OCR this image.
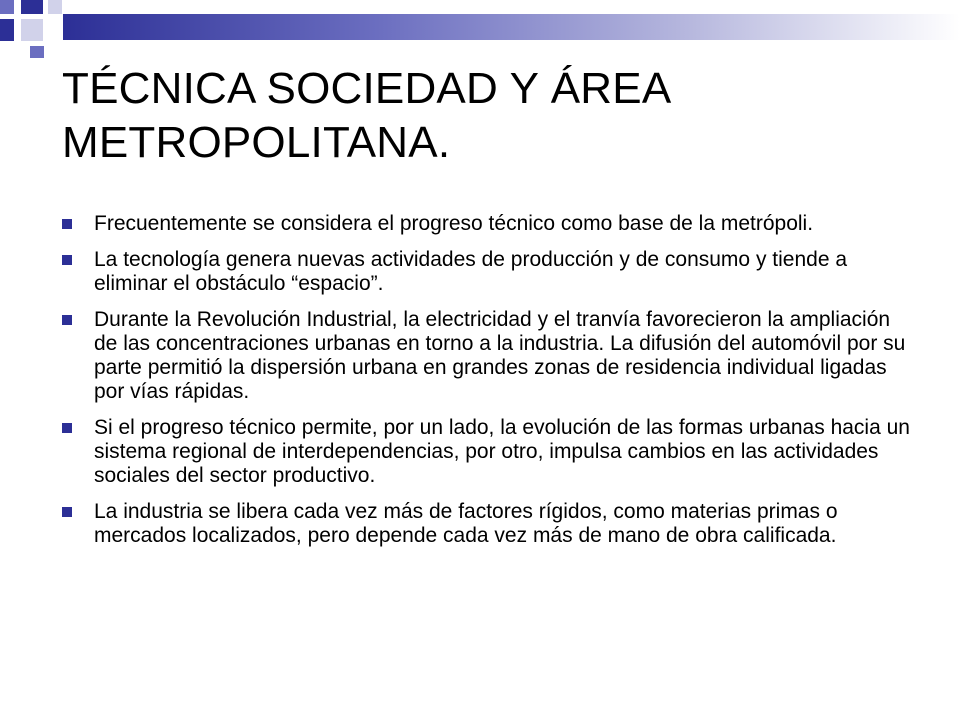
TÉCNICA SOCIEDAD Y ÁREA METROPOLITANA.
Frecuentemente se considera el progreso técnico como base de la metrópoli.
La tecnología genera nuevas actividades de producción y de consumo y tiende a eliminar el obstáculo “espacio”.
Durante la Revolución Industrial, la electricidad y el tranvía favorecieron la ampliación de las concentraciones urbanas en torno a la industria. La difusión del automóvil por su parte permitió la dispersión urbana en grandes zonas de residencia individual ligadas por vías rápidas.
Si el progreso técnico permite, por un lado, la evolución de las formas urbanas hacia un sistema regional de interdependencias, por otro, impulsa cambios en las actividades sociales del sector productivo.
La industria se libera cada vez más de factores rígidos, como materias primas o mercados localizados, pero depende cada vez más de mano de obra calificada.
